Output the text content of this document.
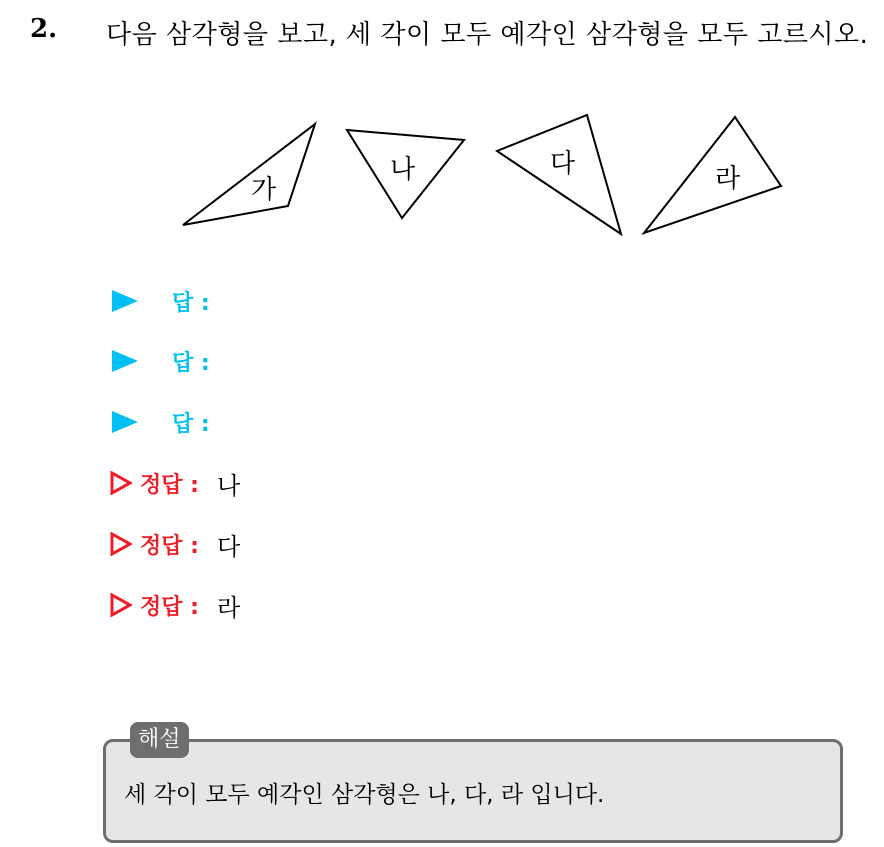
2. 다음 삼각형을 보고, 세 각이 모두 예각인 삼각형을 모두 고르시오.
가
나	다	라
답 :
답 :
답 :
정답 : 나
정답 : 다
정답 : 라
해설
세 각이 모두 예각인 삼각형은 나, 다, 라 입니다.
